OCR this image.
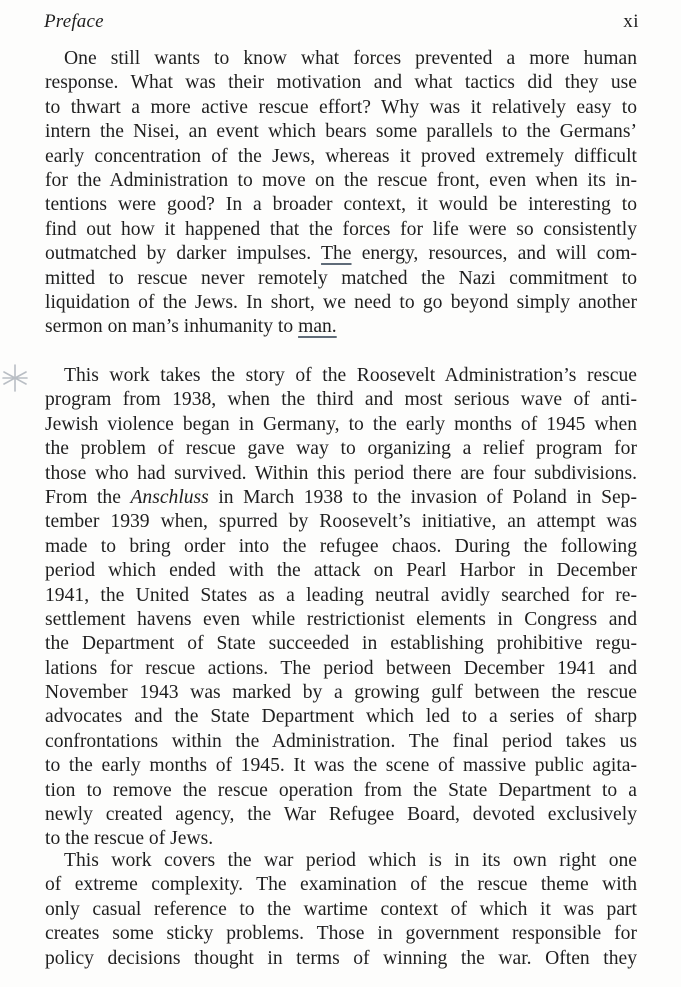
Preface	xi
One still wants to know what forces prevented a more human
response. What was their motivation and what tactics did they use
to thwart a more active rescue effort? Why was it relatively easy to
intern the Nisei, an event which bears some parallels to the Germans’
early concentration of the Jews, whereas it proved extremely difficult
for the Administration to move on the rescue front, even when its in-
tentions were good? In a broader context, it would be interesting to
find out how it happened that the forces for life were so consistently
outmatched by darker impulses. The energy, resources, and will com-
mitted to rescue never remotely matched the Nazi commitment to
liquidation of the Jews. In short, we need to go beyond simply another
sermon on man’s inhumanity to man.
This work takes the story of the Roosevelt Administration’s rescue
program from 1938, when the third and most serious wave of anti-
Jewish violence began in Germany, to the early months of 1945 when
the problem of rescue gave way to organizing a relief program for
those who had survived. Within this period there are four subdivisions.
From the Anschluss in March 1938 to the invasion of Poland in Sep-
tember 1939 when, spurred by Roosevelt’s initiative, an attempt was
made to bring order into the refugee chaos. During the following
period which ended with the attack on Pearl Harbor in December
1941, the United States as a leading neutral avidly searched for re-
settlement havens even while restrictionist elements in Congress and
the Department of State succeeded in establishing prohibitive regu-
lations for rescue actions. The period between December 1941 and
November 1943 was marked by a growing gulf between the rescue
advocates and the State Department which led to a series of sharp
confrontations within the Administration. The final period takes us
to the early months of 1945. It was the scene of massive public agita-
tion to remove the rescue operation from the State Department to a
newly created agency, the War Refugee Board, devoted exclusively
to the rescue of Jews.
This work covers the war period which is in its own right one
of extreme complexity. The examination of the rescue theme with
only casual reference to the wartime context of which it was part
creates some sticky problems. Those in government responsible for
policy decisions thought in terms of winning the war. Often they
